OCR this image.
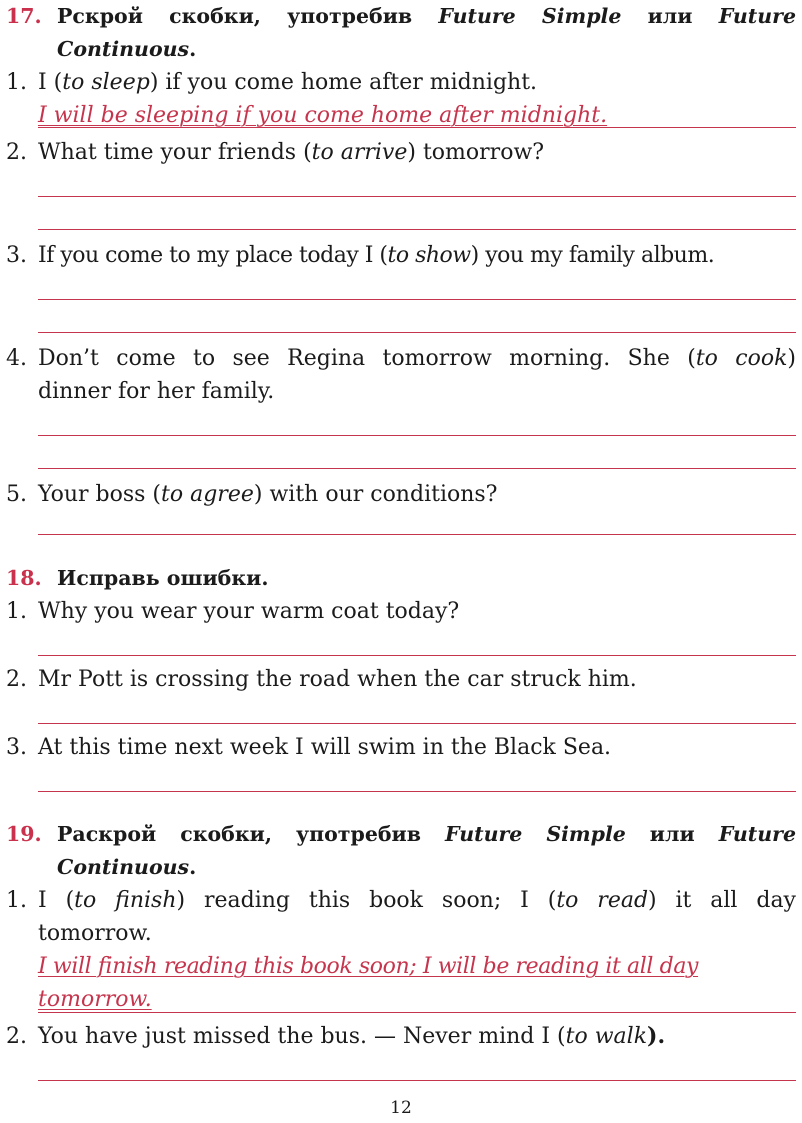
17. Рскрой скобки, употребив Future Simple или Future
Continuous.
1. I (to sleep) if you come home after midnight.
I will be sleeping if you come home after midnight.
2. What time your friends (to arrive) tomorrow?
3. If you come to my place today I (to show) you my family album.
4. Don’t come to see Regina tomorrow morning. She (to cook)
dinner for her family.
5. Your boss (to agree) with our conditions?
18. Исправь ошибки.
1. Why you wear your warm coat today?
2. Mr Pott is crossing the road when the car struck him.
3. At this time next week I will swim in the Black Sea.
19. Раскрой скобки, употребив Future Simple или Future
Continuous.
1. I (to finish) reading this book soon; I (to read) it all day
tomorrow.
I will finish reading this book soon; I will be reading it all day
tomorrow.
2. You have just missed the bus. — Never mind I (to walk).
12
